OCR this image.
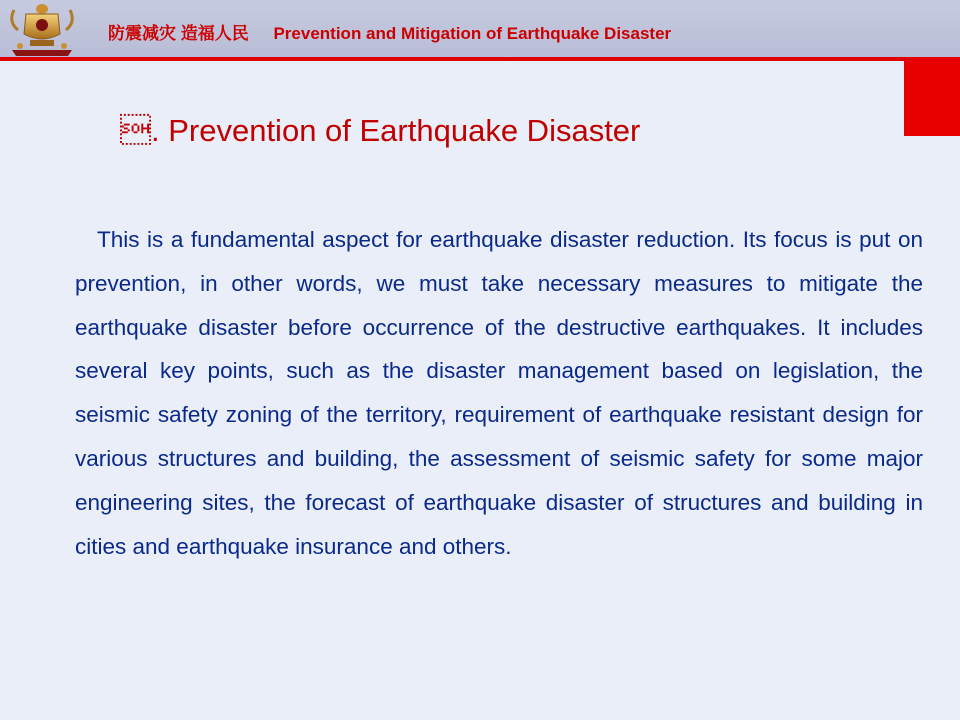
防震减灾 造福人民 Prevention and Mitigation of Earthquake Disaster
. Prevention of Earthquake Disaster
This is a fundamental aspect for earthquake disaster reduction. Its focus is put on prevention, in other words, we must take necessary measures to mitigate the earthquake disaster before occurrence of the destructive earthquakes. It includes several key points, such as the disaster management based on legislation, the seismic safety zoning of the territory, requirement of earthquake resistant design for various structures and building, the assessment of seismic safety for some major engineering sites, the forecast of earthquake disaster of structures and building in cities and earthquake insurance and others.
